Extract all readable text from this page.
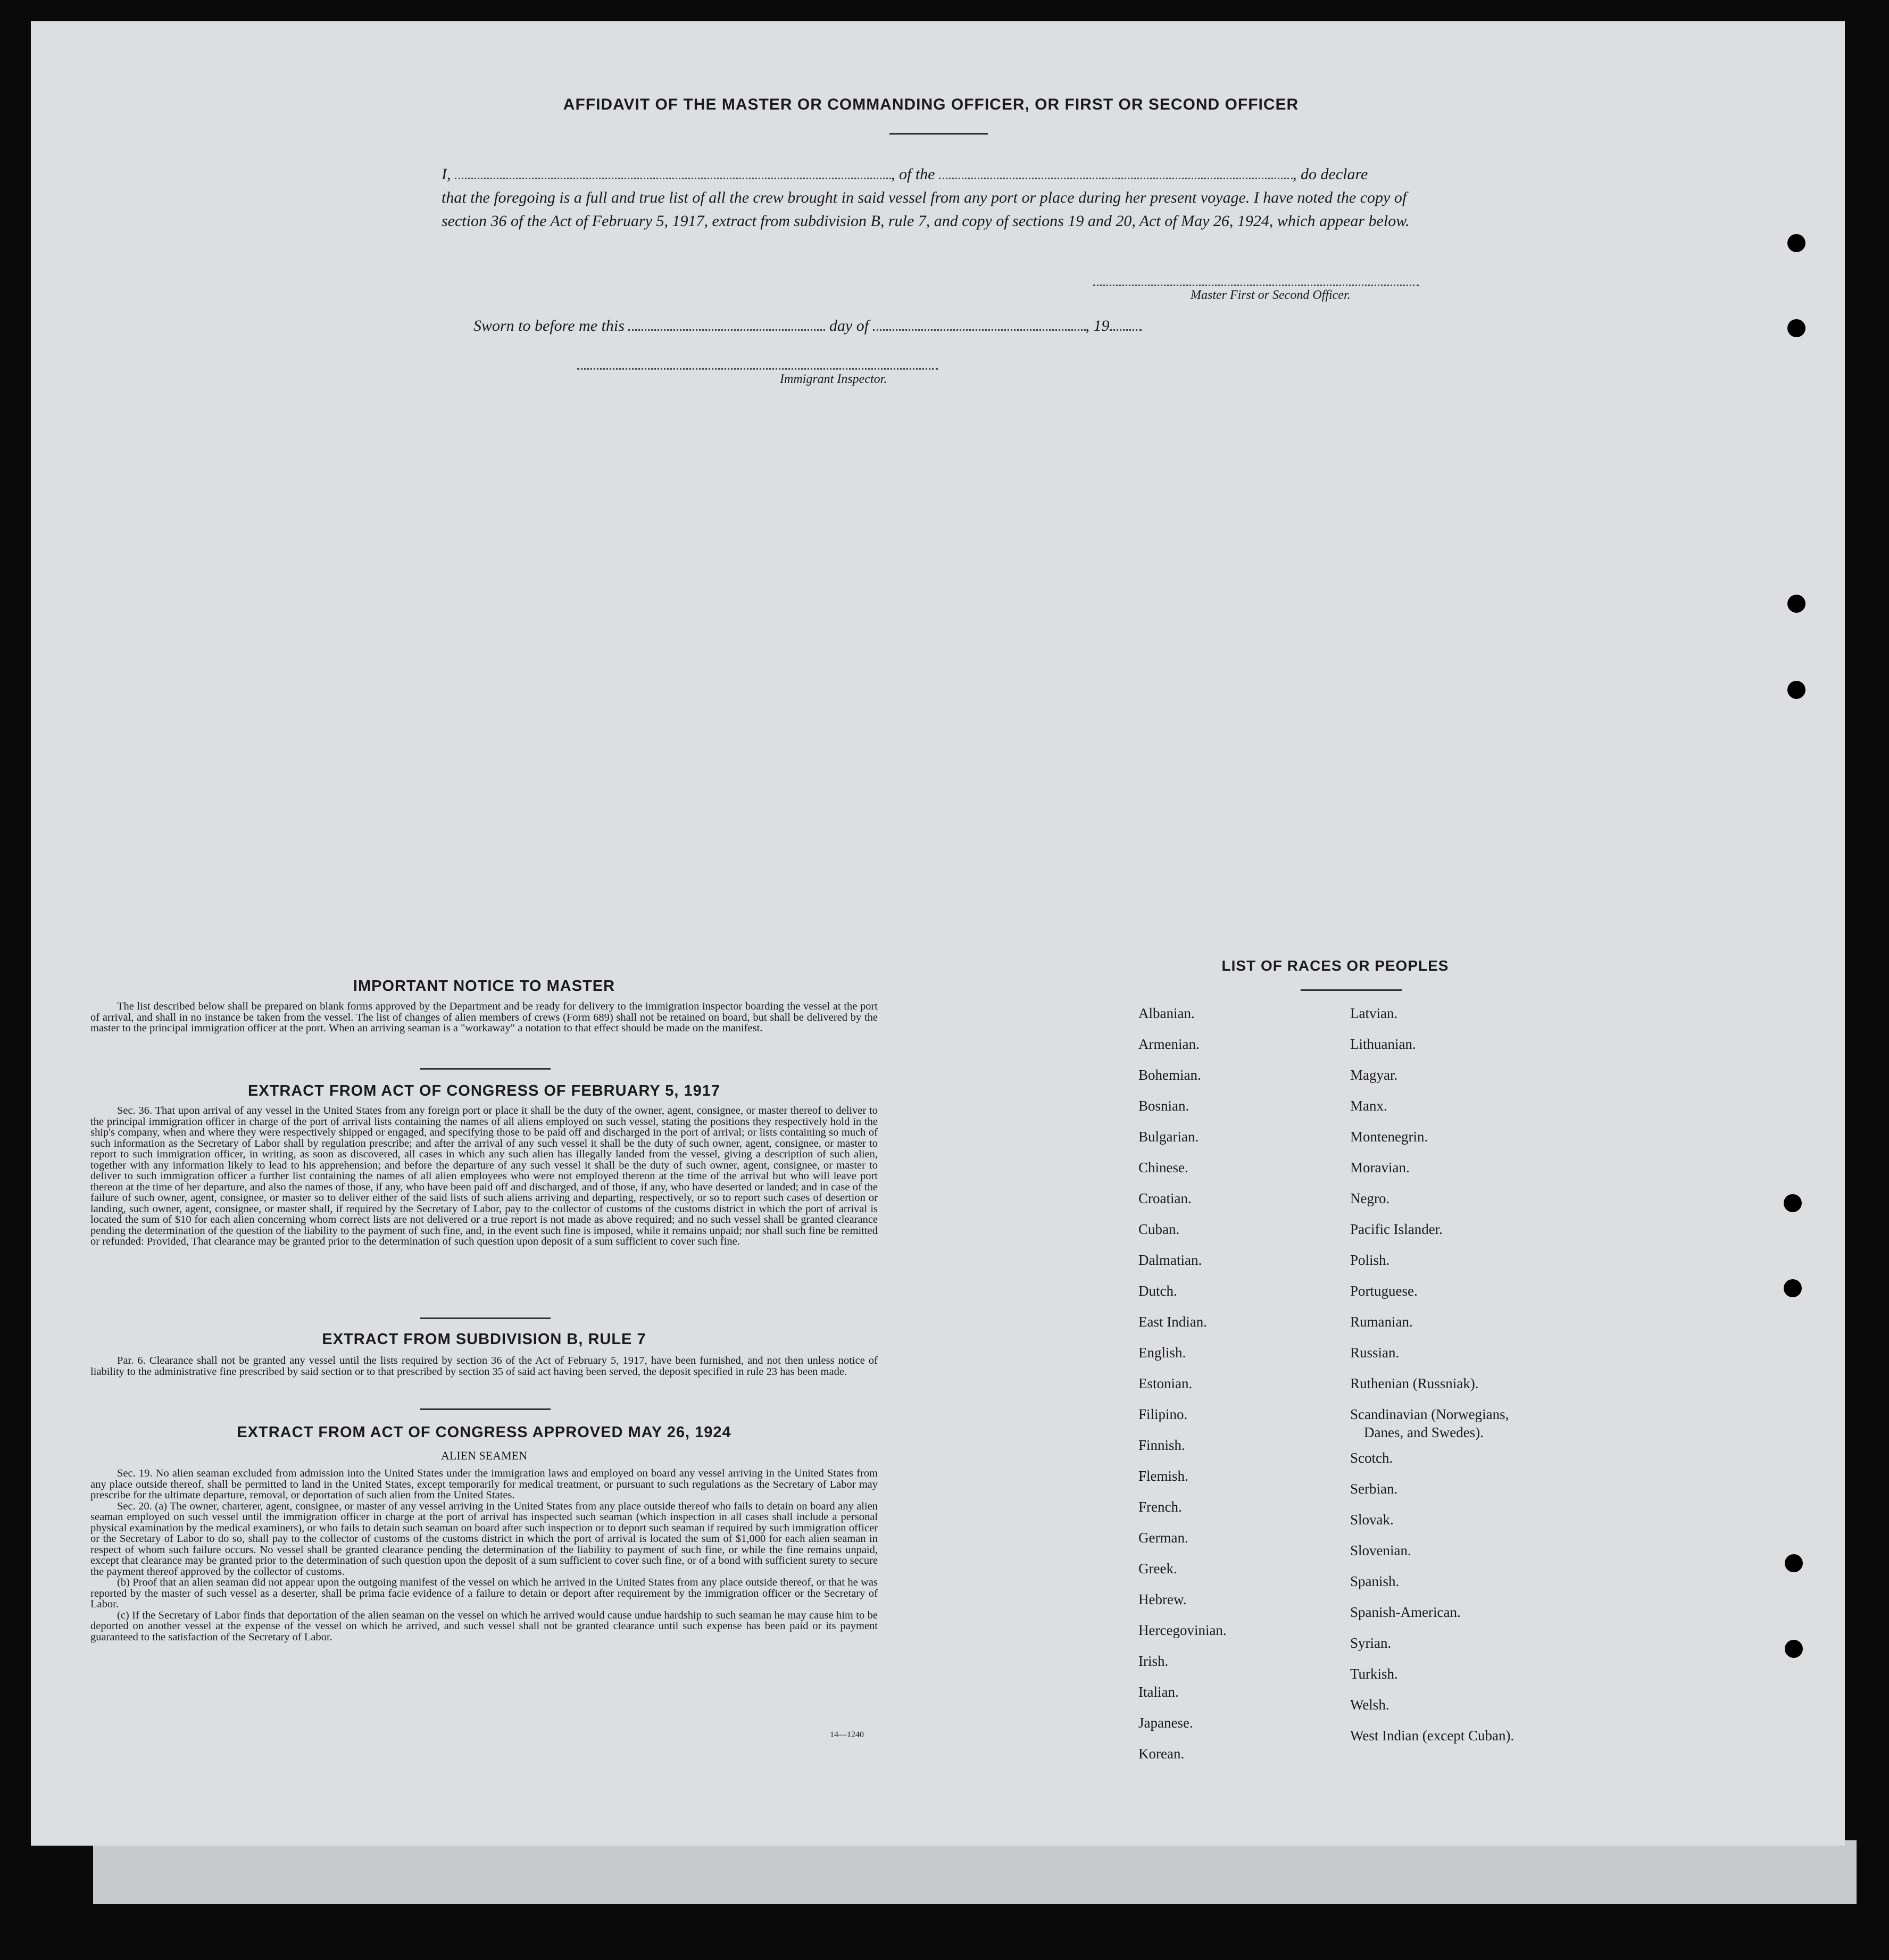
AFFIDAVIT OF THE MASTER OR COMMANDING OFFICER, OR FIRST OR SECOND OFFICER
I,	, of the	, do declare
that the foregoing is a full and true list of all the crew brought in said vessel from any port or place during her present voyage. I have noted the copy of section 36 of the Act of February 5, 1917, extract from subdivision B, rule 7, and copy of sections 19 and 20, Act of May 26, 1924, which appear below.
Master First or Second Officer.
Sworn to before me this	day of	, 19
Immigrant Inspector.
IMPORTANT NOTICE TO MASTER

The list described below shall be prepared on blank forms approved by the Department and be ready for delivery to the immigration inspector boarding the vessel at the port of arrival, and shall in no instance be taken from the vessel. The list of changes of alien members of crews (Form 689) shall not be retained on board, but shall be delivered by the master to the principal immigration officer at the port. When an arriving seaman is a "workaway" a notation to that effect should be made on the manifest.

EXTRACT FROM ACT OF CONGRESS OF FEBRUARY 5, 1917

Sec. 36. That upon arrival of any vessel in the United States from any foreign port or place it shall be the duty of the owner, agent, consignee, or master thereof to deliver to the principal immigration officer in charge of the port of arrival lists containing the names of all aliens employed on such vessel, stating the positions they respectively hold in the ship's company, when and where they were respectively shipped or engaged, and specifying those to be paid off and discharged in the port of arrival; or lists containing so much of such information as the Secretary of Labor shall by regulation prescribe; and after the arrival of any such vessel it shall be the duty of such owner, agent, consignee, or master to report to such immigration officer, in writing, as soon as discovered, all cases in which any such alien has illegally landed from the vessel, giving a description of such alien, together with any information likely to lead to his apprehension; and before the departure of any such vessel it shall be the duty of such owner, agent, consignee, or master to deliver to such immigration officer a further list containing the names of all alien employees who were not employed thereon at the time of the arrival but who will leave port thereon at the time of her departure, and also the names of those, if any, who have been paid off and discharged, and of those, if any, who have deserted or landed; and in case of the failure of such owner, agent, consignee, or master so to deliver either of the said lists of such aliens arriving and departing, respectively, or so to report such cases of desertion or landing, such owner, agent, consignee, or master shall, if required by the Secretary of Labor, pay to the collector of customs of the customs district in which the port of arrival is located the sum of $10 for each alien concerning whom correct lists are not delivered or a true report is not made as above required; and no such vessel shall be granted clearance pending the determination of the question of the liability to the payment of such fine, and, in the event such fine is imposed, while it remains unpaid; nor shall such fine be remitted or refunded: Provided, That clearance may be granted prior to the determination of such question upon deposit of a sum sufficient to cover such fine.

EXTRACT FROM SUBDIVISION B, RULE 7

Par. 6. Clearance shall not be granted any vessel until the lists required by section 36 of the Act of February 5, 1917, have been furnished, and not then unless notice of liability to the administrative fine prescribed by said section or to that prescribed by section 35 of said act having been served, the deposit specified in rule 23 has been made.

EXTRACT FROM ACT OF CONGRESS APPROVED MAY 26, 1924
ALIEN SEAMEN

Sec. 19. No alien seaman excluded from admission into the United States under the immigration laws and employed on board any vessel arriving in the United States from any place outside thereof, shall be permitted to land in the United States, except temporarily for medical treatment, or pursuant to such regulations as the Secretary of Labor may prescribe for the ultimate departure, removal, or deportation of such alien from the United States.

Sec. 20. (a) The owner, charterer, agent, consignee, or master of any vessel arriving in the United States from any place outside thereof who fails to detain on board any alien seaman employed on such vessel until the immigration officer in charge at the port of arrival has inspected such seaman (which inspection in all cases shall include a personal physical examination by the medical examiners), or who fails to detain such seaman on board after such inspection or to deport such seaman if required by such immigration officer or the Secretary of Labor to do so, shall pay to the collector of customs of the customs district in which the port of arrival is located the sum of $1,000 for each alien seaman in respect of whom such failure occurs. No vessel shall be granted clearance pending the determination of the liability to payment of such fine, or while the fine remains unpaid, except that clearance may be granted prior to the determination of such question upon the deposit of a sum sufficient to cover such fine, or of a bond with sufficient surety to secure the payment thereof approved by the collector of customs.

(b) Proof that an alien seaman did not appear upon the outgoing manifest of the vessel on which he arrived in the United States from any place outside thereof, or that he was reported by the master of such vessel as a deserter, shall be prima facie evidence of a failure to detain or deport after requirement by the immigration officer or the Secretary of Labor.

(c) If the Secretary of Labor finds that deportation of the alien seaman on the vessel on which he arrived would cause undue hardship to such seaman he may cause him to be deported on another vessel at the expense of the vessel on which he arrived, and such vessel shall not be granted clearance until such expense has been paid or its payment guaranteed to the satisfaction of the Secretary of Labor.

14—1240
LIST OF RACES OR PEOPLES
Albanian.
Armenian.
Bohemian.
Bosnian.
Bulgarian.
Chinese.
Croatian.
Cuban.
Dalmatian.
Dutch.
East Indian.
English.
Estonian.
Filipino.
Finnish.
Flemish.
French.
German.
Greek.
Hebrew.
Hercegovinian.
Irish.
Italian.
Japanese.
Korean.
Latvian.
Lithuanian.
Magyar.
Manx.
Montenegrin.
Moravian.
Negro.
Pacific Islander.
Polish.
Portuguese.
Rumanian.
Russian.
Ruthenian (Russniak).
Scandinavian (Norwegians, Danes, and Swedes).
Scotch.
Serbian.
Slovak.
Slovenian.
Spanish.
Spanish-American.
Syrian.
Turkish.
Welsh.
West Indian (except Cuban).
